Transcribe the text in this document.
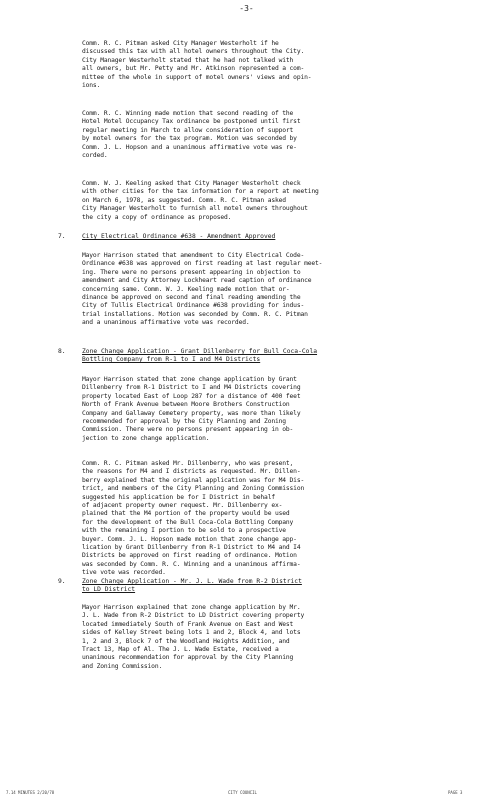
-3-
Comm. R. C. Pitman asked City Manager Westerholt if he
discussed this tax with all hotel owners throughout the City.
City Manager Westerholt stated that he had not talked with
all owners, but Mr. Petty and Mr. Atkinson represented a com-
mittee of the whole in support of motel owners' views and opin-
ions.
Comm. R. C. Winning made motion that second reading of the
Hotel Motel Occupancy Tax ordinance be postponed until first
regular meeting in March to allow consideration of support
by motel owners for the tax program. Motion was seconded by
Comm. J. L. Hopson and a unanimous affirmative vote was re-
corded.
Comm. W. J. Keeling asked that City Manager Westerholt check
with other cities for the tax information for a report at meeting
on March 6, 1978, as suggested. Comm. R. C. Pitman asked
City Manager Westerholt to furnish all motel owners throughout
the city a copy of ordinance as proposed.
7.	City Electrical Ordinance #638 - Amendment Approved
Mayor Harrison stated that amendment to City Electrical Code-
Ordinance #638 was approved on first reading at last regular meet-
ing. There were no persons present appearing in objection to
amendment and City Attorney Lockheart read caption of ordinance
concerning same. Comm. W. J. Keeling made motion that or-
dinance be approved on second and final reading amending the
City of Tullis Electrical Ordinance #638 providing for indus-
trial installations. Motion was seconded by Comm. R. C. Pitman
and a unanimous affirmative vote was recorded.
8.	Zone Change Application - Grant Dillenberry for Bull Coca-Cola
Bottling Company from R-1 to I and M4 Districts
Mayor Harrison stated that zone change application by Grant
Dillenberry from R-1 District to I and M4 Districts covering
property located East of Loop 287 for a distance of 400 feet
North of Frank Avenue between Moore Brothers Construction
Company and Gallaway Cemetery property, was more than likely
recommended for approval by the City Planning and Zoning
Commission. There were no persons present appearing in ob-
jection to zone change application.
Comm. R. C. Pitman asked Mr. Dillenberry, who was present,
the reasons for M4 and I districts as requested. Mr. Dillen-
berry explained that the original application was for M4 Dis-
trict, and members of the City Planning and Zoning Commission
suggested his application be for I District in behalf
of adjacent property owner request. Mr. Dillenberry ex-
plained that the M4 portion of the property would be used
for the development of the Bull Coca-Cola Bottling Company
with the remaining I portion to be sold to a prospective
buyer. Comm. J. L. Hopson made motion that zone change app-
lication by Grant Dillenberry from R-1 District to M4 and I4
Districts be approved on first reading of ordinance. Motion
was seconded by Comm. R. C. Winning and a unanimous affirma-
tive vote was recorded.
9.	Zone Change Application - Mr. J. L. Wade from R-2 District
to LD District
Mayor Harrison explained that zone change application by Mr.
J. L. Wade from R-2 District to LD District covering property
located immediately South of Frank Avenue on East and West
sides of Kelley Street being lots 1 and 2, Block 4, and lots
1, 2 and 3, Block 7 of the Woodland Heights Addition, and
Tract 13, Map of Al. The J. L. Wade Estate, received a
unanimous recommendation for approval by the City Planning
and Zoning Commission.
7.14 MINUTES 2/20/78	CITY COUNCIL	PAGE 3
